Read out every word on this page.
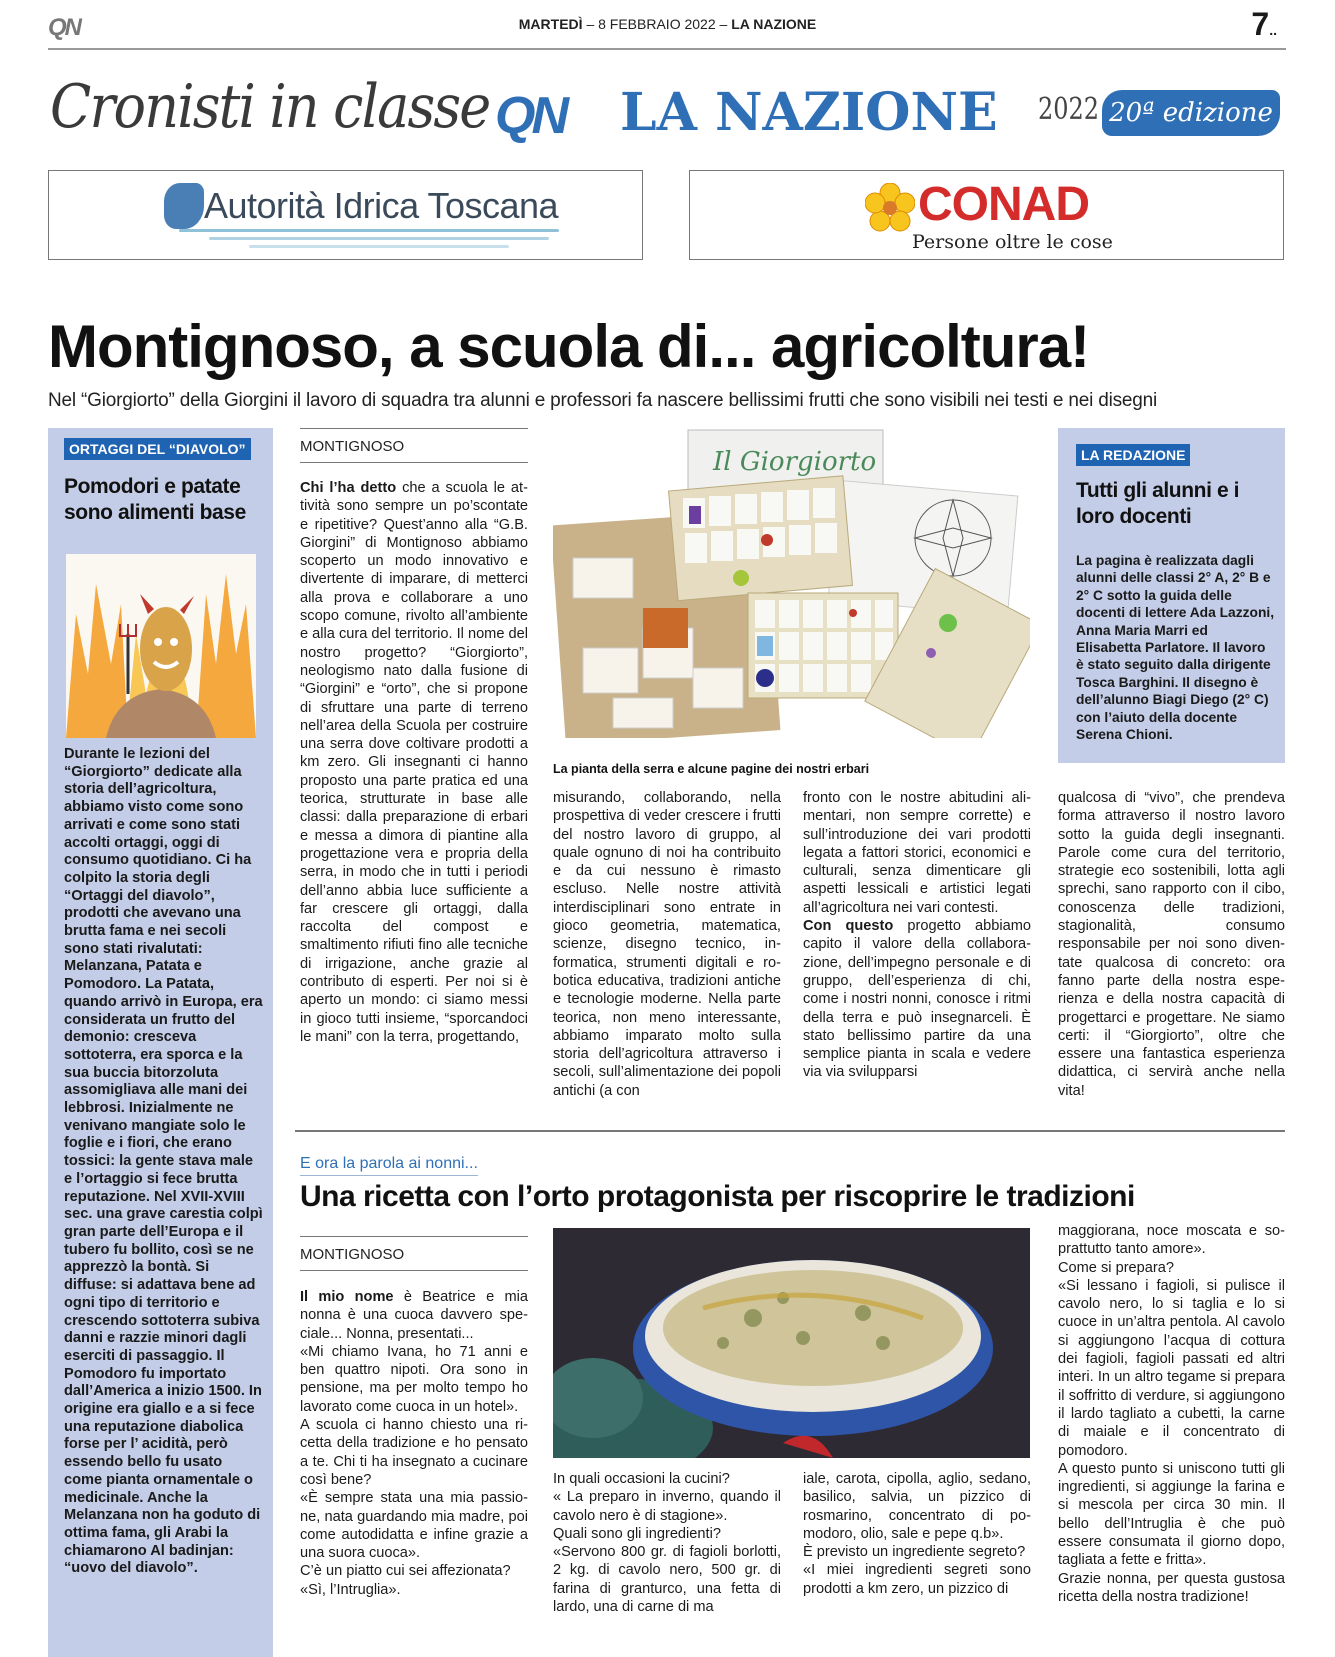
QN	MARTEDÌ – 8 FEBBRAIO 2022 – LA NAZIONE	7..
Cronisti in classe QN LA NAZIONE 2022 20ª edizione
Autorità Idrica Toscana	CONAD
Persone oltre le cose
Montignoso, a scuola di... agricoltura!
Nel “Giorgiorto” della Giorgini il lavoro di squadra tra alunni e professori fa nascere bellissimi frutti che sono visibili nei testi e nei disegni
ORTAGGI DEL “DIAVOLO”
Pomodori e patate sono alimenti base
Durante le lezioni del “Giorgiorto” dedicate alla storia dell’agricoltura, abbiamo visto come sono arrivati e come sono stati accolti ortaggi, oggi di consumo quotidiano. Ci ha colpito la storia degli “Ortaggi del diavolo”, prodotti che avevano una brutta fama e nei secoli sono stati rivalutati: Melanzana, Patata e Pomodoro. La Patata, quando arrivò in Europa, era considerata un frutto del demonio: cresceva sottoterra, era sporca e la sua buccia bitorzoluta assomigliava alle mani dei lebbrosi. Inizialmente ne venivano mangiate solo le foglie e i fiori, che erano tossici: la gente stava male e l’ortaggio si fece brutta reputazione. Nel XVII-XVIII sec. una grave carestia colpì gran parte dell’Europa e il tubero fu bollito, così se ne apprezzò la bontà. Si diffuse: si adattava bene ad ogni tipo di territorio e crescendo sottoterra subiva danni e razzie minori dagli eserciti di passaggio. Il Pomodoro fu importato dall’America a inizio 1500. In origine era giallo e a si fece una reputazione diabolica forse per l’ acidità, però essendo bello fu usato come pianta ornamentale o medicinale. Anche la Melanzana non ha goduto di ottima fama, gli Arabi la chiamarono Al badinjan: “uovo del diavolo”.
MONTIGNOSO
Chi l’ha detto che a scuola le attività sono sempre un po’scontate e ripetitive? Quest’anno alla “G.B. Giorgini” di Montignoso abbiamo scoperto un modo innovativo e divertente di imparare, di metterci alla prova e collaborare a uno scopo comune, rivolto all’ambiente e alla cura del territorio. Il nome del nostro progetto? “Giorgiorto”, neologismo nato dalla fusione di “Giorgini” e “orto”, che si propone di sfruttare una parte di terreno nell’area della Scuola per costruire una serra dove coltivare prodotti a km zero. Gli insegnanti ci hanno proposto una parte pratica ed una teorica, strutturate in base alle classi: dalla preparazione di erbari e messa a dimora di piantine alla progettazione vera e propria della serra, in modo che in tutti i periodi dell’anno abbia luce sufficiente a far crescere gli ortaggi, dalla raccolta del compost e smaltimento rifiuti fino alle tecniche di irrigazione, anche grazie al contributo di esperti. Per noi si è aperto un mondo: ci siamo messi in gioco tutti insieme, “sporcandoci le mani” con la terra, progettando,
Il Giorgiorto
La pianta della serra e alcune pagine dei nostri erbari
misurando, collaborando, nella prospettiva di veder crescere i frutti del nostro lavoro di gruppo, al quale ognuno di noi ha contribuito e da cui nessuno è rimasto escluso. Nelle nostre attività interdisciplinari sono entrate in gioco geometria, matematica, scienze, disegno tecnico, informatica, strumenti digitali e robotica educativa, tradizioni antiche e tecnologie moderne. Nella parte teorica, non meno interessante, abbiamo imparato molto sulla storia dell’agricoltura attraverso i secoli, sull’alimentazione dei popoli antichi (a con
fronto con le nostre abitudini alimentari, non sempre corrette) e sull’introduzione dei vari prodotti legata a fattori storici, economici e culturali, senza dimenticare gli aspetti lessicali e artistici legati all’agricoltura nei vari contesti.
Con questo progetto abbiamo capito il valore della collaborazione, dell’impegno personale e di gruppo, dell’esperienza di chi, come i nostri nonni, conosce i ritmi della terra e può insegnarceli. È stato bellissimo partire da una semplice pianta in scala e vedere via via svilupparsi
LA REDAZIONE
Tutti gli alunni e i loro docenti
La pagina è realizzata dagli alunni delle classi 2° A, 2° B e 2° C sotto la guida delle docenti di lettere Ada Lazzoni, Anna Maria Marri ed Elisabetta Parlatore. Il lavoro è stato seguito dalla dirigente Tosca Barghini. Il disegno è dell’alunno Biagi Diego (2° C) con l’aiuto della docente Serena Chioni.
qualcosa di “vivo”, che prendeva forma attraverso il nostro lavoro sotto la guida degli insegnanti. Parole come cura del territorio, strategie eco sostenibili, lotta agli sprechi, sano rapporto con il cibo, conoscenza delle tradizioni, stagionalità, consumo responsabile per noi sono diventate qualcosa di concreto: ora fanno parte della nostra esperienza e della nostra capacità di progettarci e progettare. Ne siamo certi: il “Giorgiorto”, oltre che essere una fantastica esperienza didattica, ci servirà anche nella vita!
E ora la parola ai nonni...
Una ricetta con l’orto protagonista per riscoprire le tradizioni
MONTIGNOSO
Il mio nome è Beatrice e mia nonna è una cuoca davvero speciale... Nonna, presentati...
«Mi chiamo Ivana, ho 71 anni e ben quattro nipoti. Ora sono in pensione, ma per molto tempo ho lavorato come cuoca in un hotel».
A scuola ci hanno chiesto una ricetta della tradizione e ho pensato a te. Chi ti ha insegnato a cucinare così bene?
«È sempre stata una mia passione, nata guardando mia madre, poi come autodidatta e infine grazie a una suora cuoca».
C’è un piatto cui sei affezionata?
«Sì, l’Intruglia».
In quali occasioni la cucini?
« La preparo in inverno, quando il cavolo nero è di stagione».
Quali sono gli ingredienti?
«Servono 800 gr. di fagioli borlotti, 2 kg. di cavolo nero, 500 gr. di farina di granturco, una fetta di lardo, una di carne di ma
iale, carota, cipolla, aglio, sedano, basilico, salvia, un pizzico di rosmarino, concentrato di pomodoro, olio, sale e pepe q.b».
È previsto un ingrediente segreto?
«I miei ingredienti segreti sono prodotti a km zero, un pizzico di
maggiorana, noce moscata e soprattutto tanto amore».
Come si prepara?
«Si lessano i fagioli, si pulisce il cavolo nero, lo si taglia e lo si cuoce in un’altra pentola. Al cavolo si aggiungono l’acqua di cottura dei fagioli, fagioli passati ed altri interi. In un altro tegame si prepara il soffritto di verdure, si aggiungono il lardo tagliato a cubetti, la carne di maiale e il concentrato di pomodoro.
A questo punto si uniscono tutti gli ingredienti, si aggiunge la farina e si mescola per circa 30 min. Il bello dell’Intruglia è che può essere consumata il giorno dopo, tagliata a fette e fritta».
Grazie nonna, per questa gustosa ricetta della nostra tradizione!
